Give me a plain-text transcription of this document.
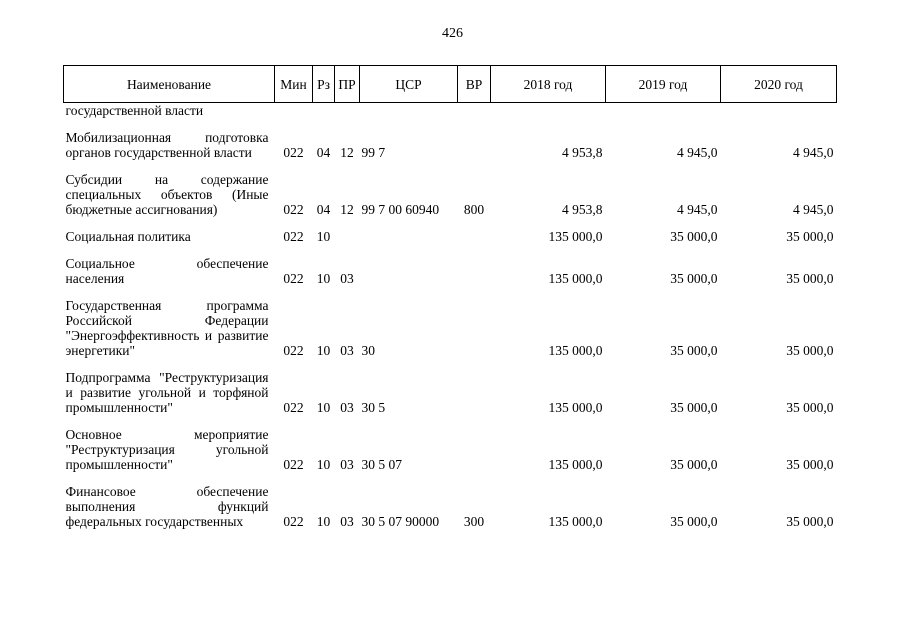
426
Наименование	Мин	Рз	ПР	ЦСР	ВР	2018 год	2019 год	2020 год
государственной власти								

Мобилизационная подготовка органов государственной власти	022	04	12	99 7		4 953,8	4 945,0	4 945,0

Субсидии на содержание специальных объектов (Иные бюджетные ассигнования)	022	04	12	99 7 00 60940	800	4 953,8	4 945,0	4 945,0

Социальная политика	022	10				135 000,0	35 000,0	35 000,0

Социальное обеспечение населения	022	10	03			135 000,0	35 000,0	35 000,0

Государственная программа Российской Федерации "Энергоэффективность и развитие энергетики"	022	10	03	30		135 000,0	35 000,0	35 000,0

Подпрограмма "Реструктуризация и развитие угольной и торфяной промышленности"	022	10	03	30 5		135 000,0	35 000,0	35 000,0

Основное мероприятие "Реструктуризация угольной промышленности"	022	10	03	30 5 07		135 000,0	35 000,0	35 000,0

Финансовое обеспечение выполнения функций федеральных государственных	022	10	03	30 5 07 90000	300	135 000,0	35 000,0	35 000,0
